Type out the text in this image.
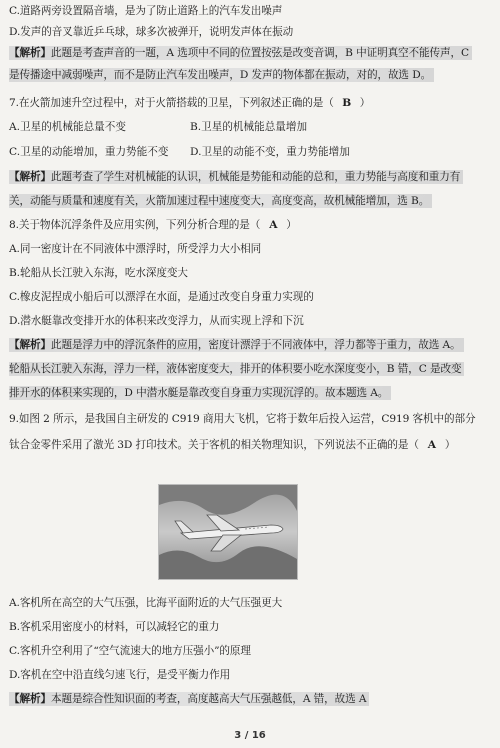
C.道路两旁设置隔音墙，是为了防止道路上的汽车发出噪声
D.发声的音叉靠近乒乓球，球多次被弹开，说明发声体在振动
【解析】此题是考查声音的一题，A 选项中不同的位置按弦是改变音调，B 中证明真空不能传声，C
是传播途中减弱噪声，而不是防止汽车发出噪声，D 发声的物体都在振动，对的，故选 D。
7.在火箭加速升空过程中，对于火箭搭载的卫星，下列叙述正确的是（ B ）
A.卫星的机械能总量不变	B.卫星的机械能总量增加
C.卫星的动能增加，重力势能不变 D.卫星的动能不变，重力势能增加
【解析】此题考查了学生对机械能的认识，机械能是势能和动能的总和，重力势能与高度和重力有
关，动能与质量和速度有关，火箭加速过程中速度变大，高度变高，故机械能增加，选 B。
8.关于物体沉浮条件及应用实例，下列分析合理的是（ A ）
A.同一密度计在不同液体中漂浮时，所受浮力大小相同
B.轮船从长江驶入东海，吃水深度变大
C.橡皮泥捏成小船后可以漂浮在水面，是通过改变自身重力实现的
D.潜水艇靠改变排开水的体积来改变浮力，从而实现上浮和下沉
【解析】此题是浮力中的浮沉条件的应用，密度计漂浮于不同液体中，浮力都等于重力，故选 A。
轮船从长江驶入东海，浮力一样，液体密度变大，排开的体积要小吃水深度变小，B 错，C 是改变
排开水的体积来实现的，D 中潜水艇是靠改变自身重力实现沉浮的。故本题选 A。
9.如图 2 所示，是我国自主研发的 C919 商用大飞机，它将于数年后投入运营，C919 客机中的部分
钛合金零件采用了激光 3D 打印技术。关于客机的相关物理知识，下列说法不正确的是（ A ）
A.客机所在高空的大气压强，比海平面附近的大气压强更大
B.客机采用密度小的材料，可以减轻它的重力
C.客机升空利用了“空气流速大的地方压强小”的原理
D.客机在空中沿直线匀速飞行，是受平衡力作用
【解析】本题是综合性知识面的考查，高度越高大气压强越低，A 错，故选 A
3 / 16
